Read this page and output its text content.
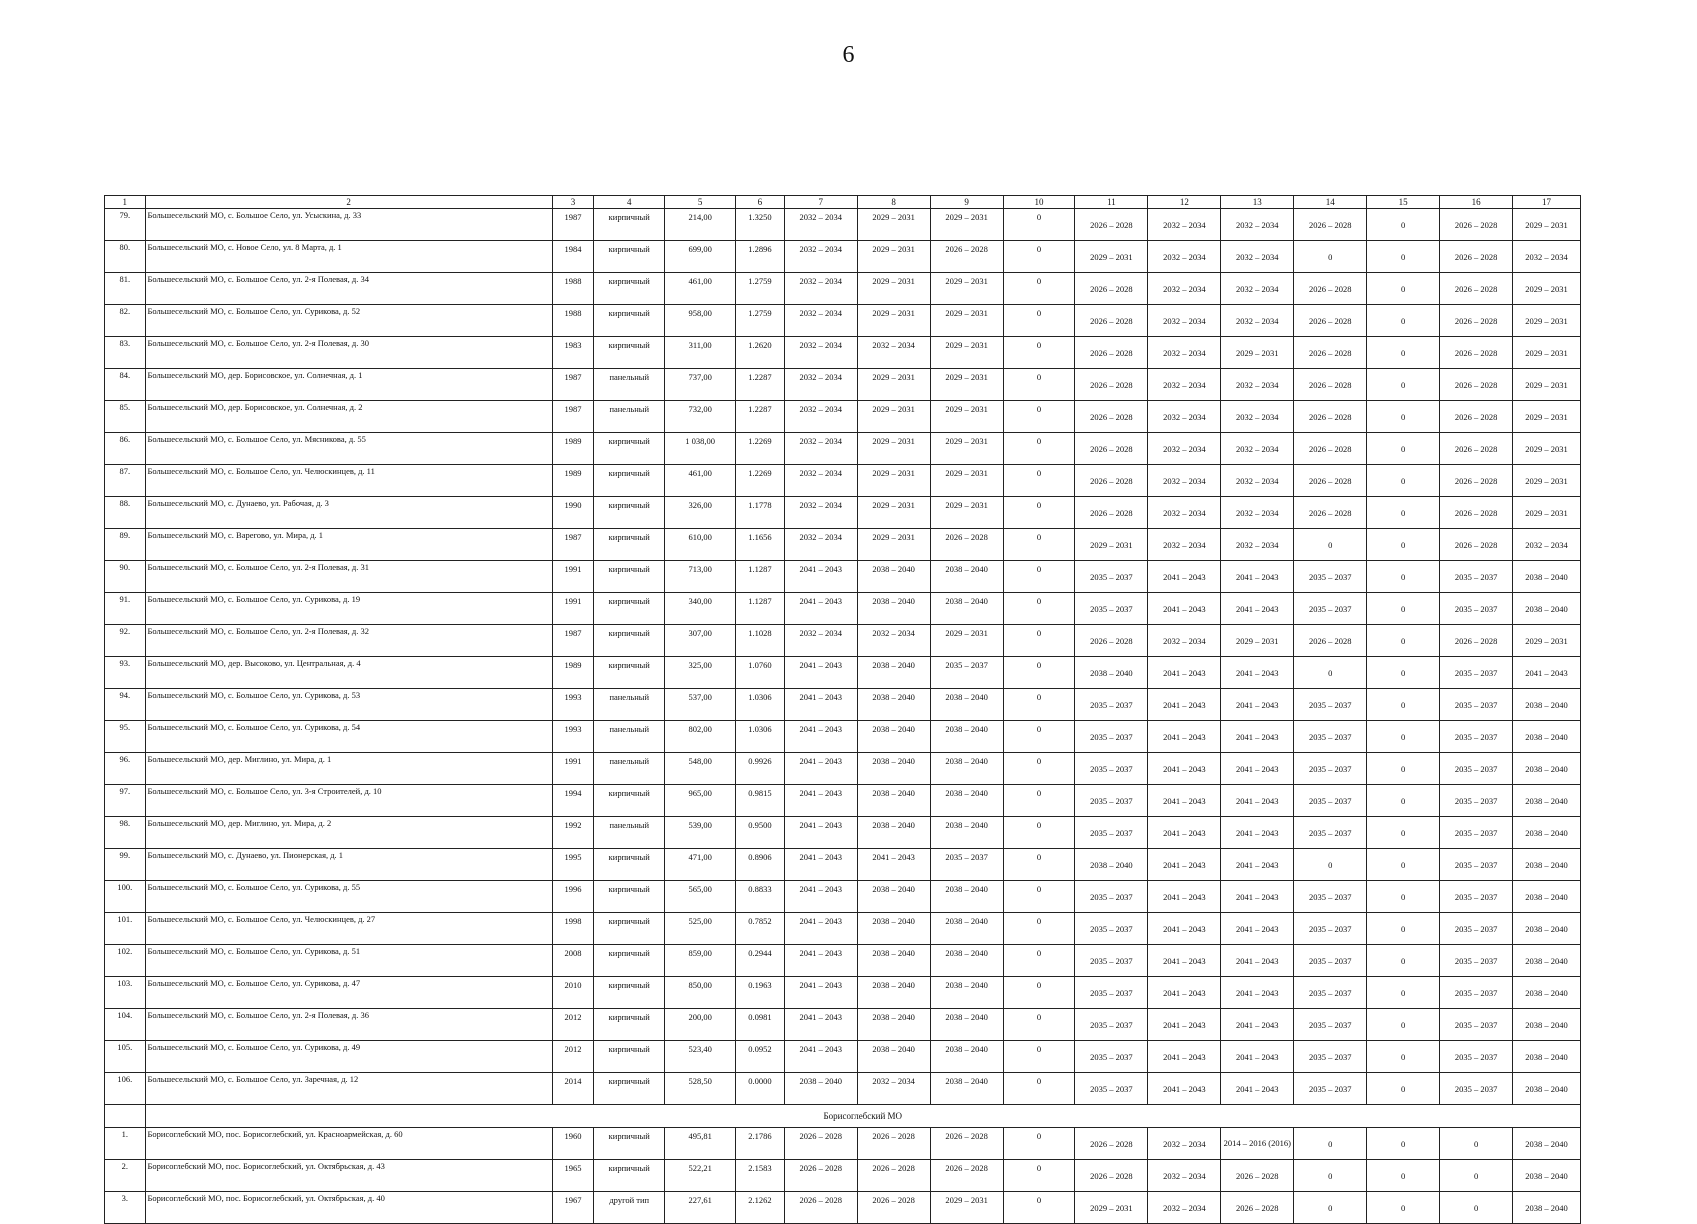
6
1	2	3	4	5	6	7	8	9	10	11	12	13	14	15	16	17
79.	Большесельский МО, с. Большое Село, ул. Усыскина, д. 33	1987	кирпичный	214,00	1.3250	2032 – 2034	2029 – 2031	2029 – 2031	0	2026 – 2028	2032 – 2034	2032 – 2034	2026 – 2028	0	2026 – 2028	2029 – 2031
80.	Большесельский МО, с. Новое Село, ул. 8 Марта, д. 1	1984	кирпичный	699,00	1.2896	2032 – 2034	2029 – 2031	2026 – 2028	0	2029 – 2031	2032 – 2034	2032 – 2034	0	0	2026 – 2028	2032 – 2034
81.	Большесельский МО, с. Большое Село, ул. 2-я Полевая, д. 34	1988	кирпичный	461,00	1.2759	2032 – 2034	2029 – 2031	2029 – 2031	0	2026 – 2028	2032 – 2034	2032 – 2034	2026 – 2028	0	2026 – 2028	2029 – 2031
82.	Большесельский МО, с. Большое Село, ул. Сурикова, д. 52	1988	кирпичный	958,00	1.2759	2032 – 2034	2029 – 2031	2029 – 2031	0	2026 – 2028	2032 – 2034	2032 – 2034	2026 – 2028	0	2026 – 2028	2029 – 2031
83.	Большесельский МО, с. Большое Село, ул. 2-я Полевая, д. 30	1983	кирпичный	311,00	1.2620	2032 – 2034	2032 – 2034	2029 – 2031	0	2026 – 2028	2032 – 2034	2029 – 2031	2026 – 2028	0	2026 – 2028	2029 – 2031
84.	Большесельский МО, дер. Борисовское, ул. Солнечная, д. 1	1987	панельный	737,00	1.2287	2032 – 2034	2029 – 2031	2029 – 2031	0	2026 – 2028	2032 – 2034	2032 – 2034	2026 – 2028	0	2026 – 2028	2029 – 2031
85.	Большесельский МО, дер. Борисовское, ул. Солнечная, д. 2	1987	панельный	732,00	1.2287	2032 – 2034	2029 – 2031	2029 – 2031	0	2026 – 2028	2032 – 2034	2032 – 2034	2026 – 2028	0	2026 – 2028	2029 – 2031
86.	Большесельский МО, с. Большое Село, ул. Мясникова, д. 55	1989	кирпичный	1 038,00	1.2269	2032 – 2034	2029 – 2031	2029 – 2031	0	2026 – 2028	2032 – 2034	2032 – 2034	2026 – 2028	0	2026 – 2028	2029 – 2031
87.	Большесельский МО, с. Большое Село, ул. Челюскинцев, д. 11	1989	кирпичный	461,00	1.2269	2032 – 2034	2029 – 2031	2029 – 2031	0	2026 – 2028	2032 – 2034	2032 – 2034	2026 – 2028	0	2026 – 2028	2029 – 2031
88.	Большесельский МО, с. Дунаево, ул. Рабочая, д. 3	1990	кирпичный	326,00	1.1778	2032 – 2034	2029 – 2031	2029 – 2031	0	2026 – 2028	2032 – 2034	2032 – 2034	2026 – 2028	0	2026 – 2028	2029 – 2031
89.	Большесельский МО, с. Варегово, ул. Мира, д. 1	1987	кирпичный	610,00	1.1656	2032 – 2034	2029 – 2031	2026 – 2028	0	2029 – 2031	2032 – 2034	2032 – 2034	0	0	2026 – 2028	2032 – 2034
90.	Большесельский МО, с. Большое Село, ул. 2-я Полевая, д. 31	1991	кирпичный	713,00	1.1287	2041 – 2043	2038 – 2040	2038 – 2040	0	2035 – 2037	2041 – 2043	2041 – 2043	2035 – 2037	0	2035 – 2037	2038 – 2040
91.	Большесельский МО, с. Большое Село, ул. Сурикова, д. 19	1991	кирпичный	340,00	1.1287	2041 – 2043	2038 – 2040	2038 – 2040	0	2035 – 2037	2041 – 2043	2041 – 2043	2035 – 2037	0	2035 – 2037	2038 – 2040
92.	Большесельский МО, с. Большое Село, ул. 2-я Полевая, д. 32	1987	кирпичный	307,00	1.1028	2032 – 2034	2032 – 2034	2029 – 2031	0	2026 – 2028	2032 – 2034	2029 – 2031	2026 – 2028	0	2026 – 2028	2029 – 2031
93.	Большесельский МО, дер. Высоково, ул. Центральная, д. 4	1989	кирпичный	325,00	1.0760	2041 – 2043	2038 – 2040	2035 – 2037	0	2038 – 2040	2041 – 2043	2041 – 2043	0	0	2035 – 2037	2041 – 2043
94.	Большесельский МО, с. Большое Село, ул. Сурикова, д. 53	1993	панельный	537,00	1.0306	2041 – 2043	2038 – 2040	2038 – 2040	0	2035 – 2037	2041 – 2043	2041 – 2043	2035 – 2037	0	2035 – 2037	2038 – 2040
95.	Большесельский МО, с. Большое Село, ул. Сурикова, д. 54	1993	панельный	802,00	1.0306	2041 – 2043	2038 – 2040	2038 – 2040	0	2035 – 2037	2041 – 2043	2041 – 2043	2035 – 2037	0	2035 – 2037	2038 – 2040
96.	Большесельский МО, дер. Миглино, ул. Мира, д. 1	1991	панельный	548,00	0.9926	2041 – 2043	2038 – 2040	2038 – 2040	0	2035 – 2037	2041 – 2043	2041 – 2043	2035 – 2037	0	2035 – 2037	2038 – 2040
97.	Большесельский МО, с. Большое Село, ул. 3-я Строителей, д. 10	1994	кирпичный	965,00	0.9815	2041 – 2043	2038 – 2040	2038 – 2040	0	2035 – 2037	2041 – 2043	2041 – 2043	2035 – 2037	0	2035 – 2037	2038 – 2040
98.	Большесельский МО, дер. Миглино, ул. Мира, д. 2	1992	панельный	539,00	0.9500	2041 – 2043	2038 – 2040	2038 – 2040	0	2035 – 2037	2041 – 2043	2041 – 2043	2035 – 2037	0	2035 – 2037	2038 – 2040
99.	Большесельский МО, с. Дунаево, ул. Пионерская, д. 1	1995	кирпичный	471,00	0.8906	2041 – 2043	2041 – 2043	2035 – 2037	0	2038 – 2040	2041 – 2043	2041 – 2043	0	0	2035 – 2037	2038 – 2040
100.	Большесельский МО, с. Большое Село, ул. Сурикова, д. 55	1996	кирпичный	565,00	0.8833	2041 – 2043	2038 – 2040	2038 – 2040	0	2035 – 2037	2041 – 2043	2041 – 2043	2035 – 2037	0	2035 – 2037	2038 – 2040
101.	Большесельский МО, с. Большое Село, ул. Челюскинцев, д. 27	1998	кирпичный	525,00	0.7852	2041 – 2043	2038 – 2040	2038 – 2040	0	2035 – 2037	2041 – 2043	2041 – 2043	2035 – 2037	0	2035 – 2037	2038 – 2040
102.	Большесельский МО, с. Большое Село, ул. Сурикова, д. 51	2008	кирпичный	859,00	0.2944	2041 – 2043	2038 – 2040	2038 – 2040	0	2035 – 2037	2041 – 2043	2041 – 2043	2035 – 2037	0	2035 – 2037	2038 – 2040
103.	Большесельский МО, с. Большое Село, ул. Сурикова, д. 47	2010	кирпичный	850,00	0.1963	2041 – 2043	2038 – 2040	2038 – 2040	0	2035 – 2037	2041 – 2043	2041 – 2043	2035 – 2037	0	2035 – 2037	2038 – 2040
104.	Большесельский МО, с. Большое Село, ул. 2-я Полевая, д. 36	2012	кирпичный	200,00	0.0981	2041 – 2043	2038 – 2040	2038 – 2040	0	2035 – 2037	2041 – 2043	2041 – 2043	2035 – 2037	0	2035 – 2037	2038 – 2040
105.	Большесельский МО, с. Большое Село, ул. Сурикова, д. 49	2012	кирпичный	523,40	0.0952	2041 – 2043	2038 – 2040	2038 – 2040	0	2035 – 2037	2041 – 2043	2041 – 2043	2035 – 2037	0	2035 – 2037	2038 – 2040
106.	Большесельский МО, с. Большое Село, ул. Заречная, д. 12	2014	кирпичный	528,50	0.0000	2038 – 2040	2032 – 2034	2038 – 2040	0	2035 – 2037	2041 – 2043	2041 – 2043	2035 – 2037	0	2035 – 2037	2038 – 2040
	Борисоглебский МО															
1.	Борисоглебский МО, пос. Борисоглебский, ул. Красноармейская, д. 60	1960	кирпичный	495,81	2.1786	2026 – 2028	2026 – 2028	2026 – 2028	0	2026 – 2028	2032 – 2034	2014 – 2016 (2016)	0	0	0	2038 – 2040
2.	Борисоглебский МО, пос. Борисоглебский, ул. Октябрьская, д. 43	1965	кирпичный	522,21	2.1583	2026 – 2028	2026 – 2028	2026 – 2028	0	2026 – 2028	2032 – 2034	2026 – 2028	0	0	0	2038 – 2040
3.	Борисоглебский МО, пос. Борисоглебский, ул. Октябрьская, д. 40	1967	другой тип	227,61	2.1262	2026 – 2028	2026 – 2028	2029 – 2031	0	2029 – 2031	2032 – 2034	2026 – 2028	0	0	0	2038 – 2040
